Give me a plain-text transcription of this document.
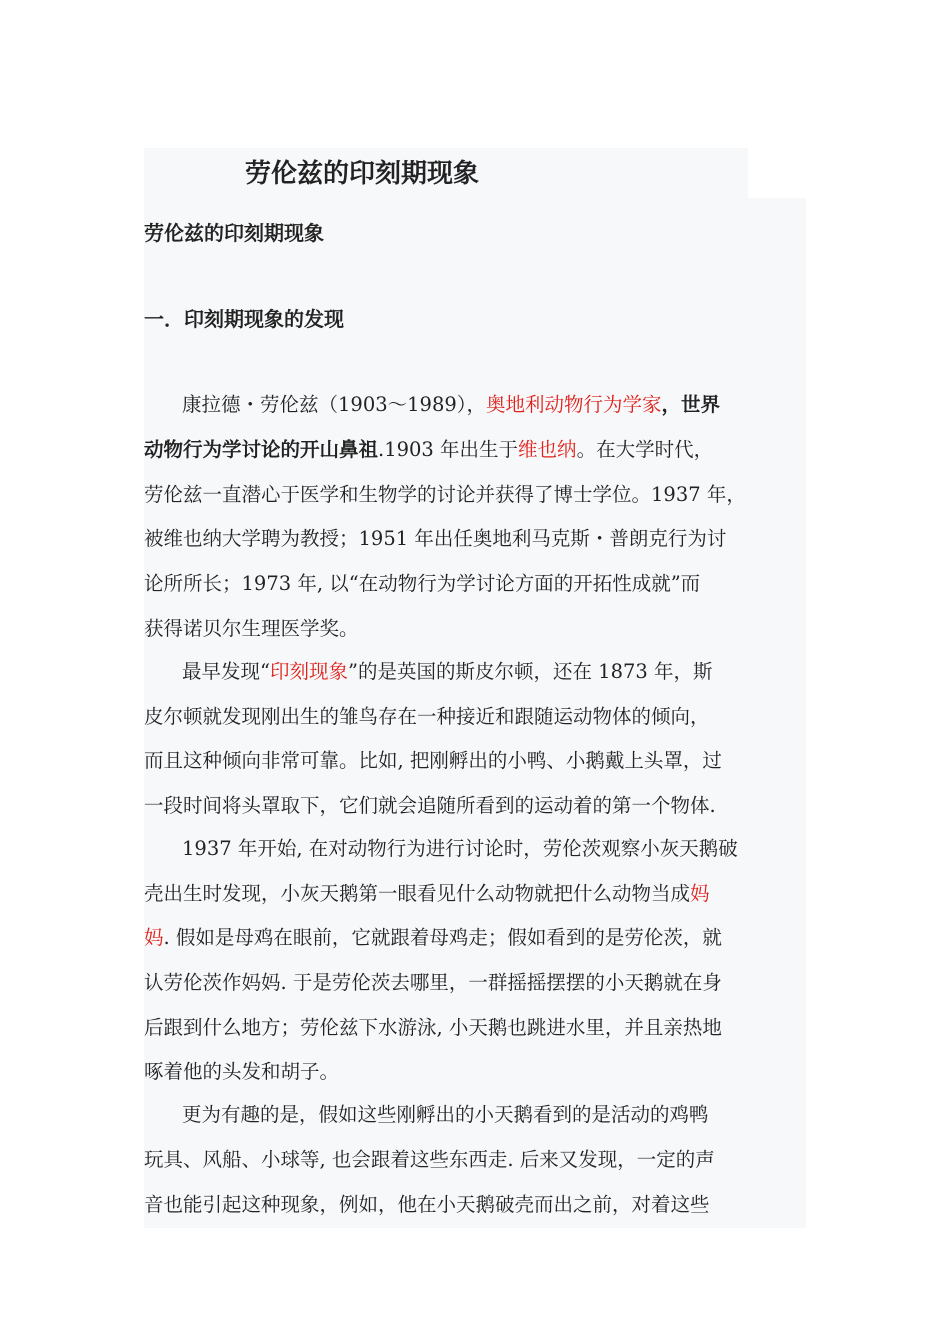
劳伦兹的印刻期现象
劳伦兹的印刻期现象
一．印刻期现象的发现
康拉德・劳伦兹（1903～1989），奥地利动物行为学家，世界
动物行为学讨论的开山鼻祖.1903 年出生于维也纳。在大学时代，
劳伦兹一直潜心于医学和生物学的讨论并获得了博士学位。1937 年，
被维也纳大学聘为教授；1951 年出任奥地利马克斯・普朗克行为讨
论所所长；1973 年, 以“在动物行为学讨论方面的开拓性成就”而
获得诺贝尔生理医学奖。
最早发现“印刻现象”的是英国的斯皮尔顿，还在 1873 年，斯
皮尔顿就发现刚出生的雏鸟存在一种接近和跟随运动物体的倾向，
而且这种倾向非常可靠。比如, 把刚孵出的小鸭、小鹅戴上头罩，过
一段时间将头罩取下，它们就会追随所看到的运动着的第一个物体.
1937 年开始, 在对动物行为进行讨论时，劳伦茨观察小灰天鹅破
壳出生时发现，小灰天鹅第一眼看见什么动物就把什么动物当成妈
妈. 假如是母鸡在眼前，它就跟着母鸡走；假如看到的是劳伦茨，就
认劳伦茨作妈妈. 于是劳伦茨去哪里，一群摇摇摆摆的小天鹅就在身
后跟到什么地方；劳伦兹下水游泳, 小天鹅也跳进水里，并且亲热地
啄着他的头发和胡子。
更为有趣的是，假如这些刚孵出的小天鹅看到的是活动的鸡鸭
玩具、风船、小球等, 也会跟着这些东西走. 后来又发现，一定的声
音也能引起这种现象，例如，他在小天鹅破壳而出之前，对着这些
